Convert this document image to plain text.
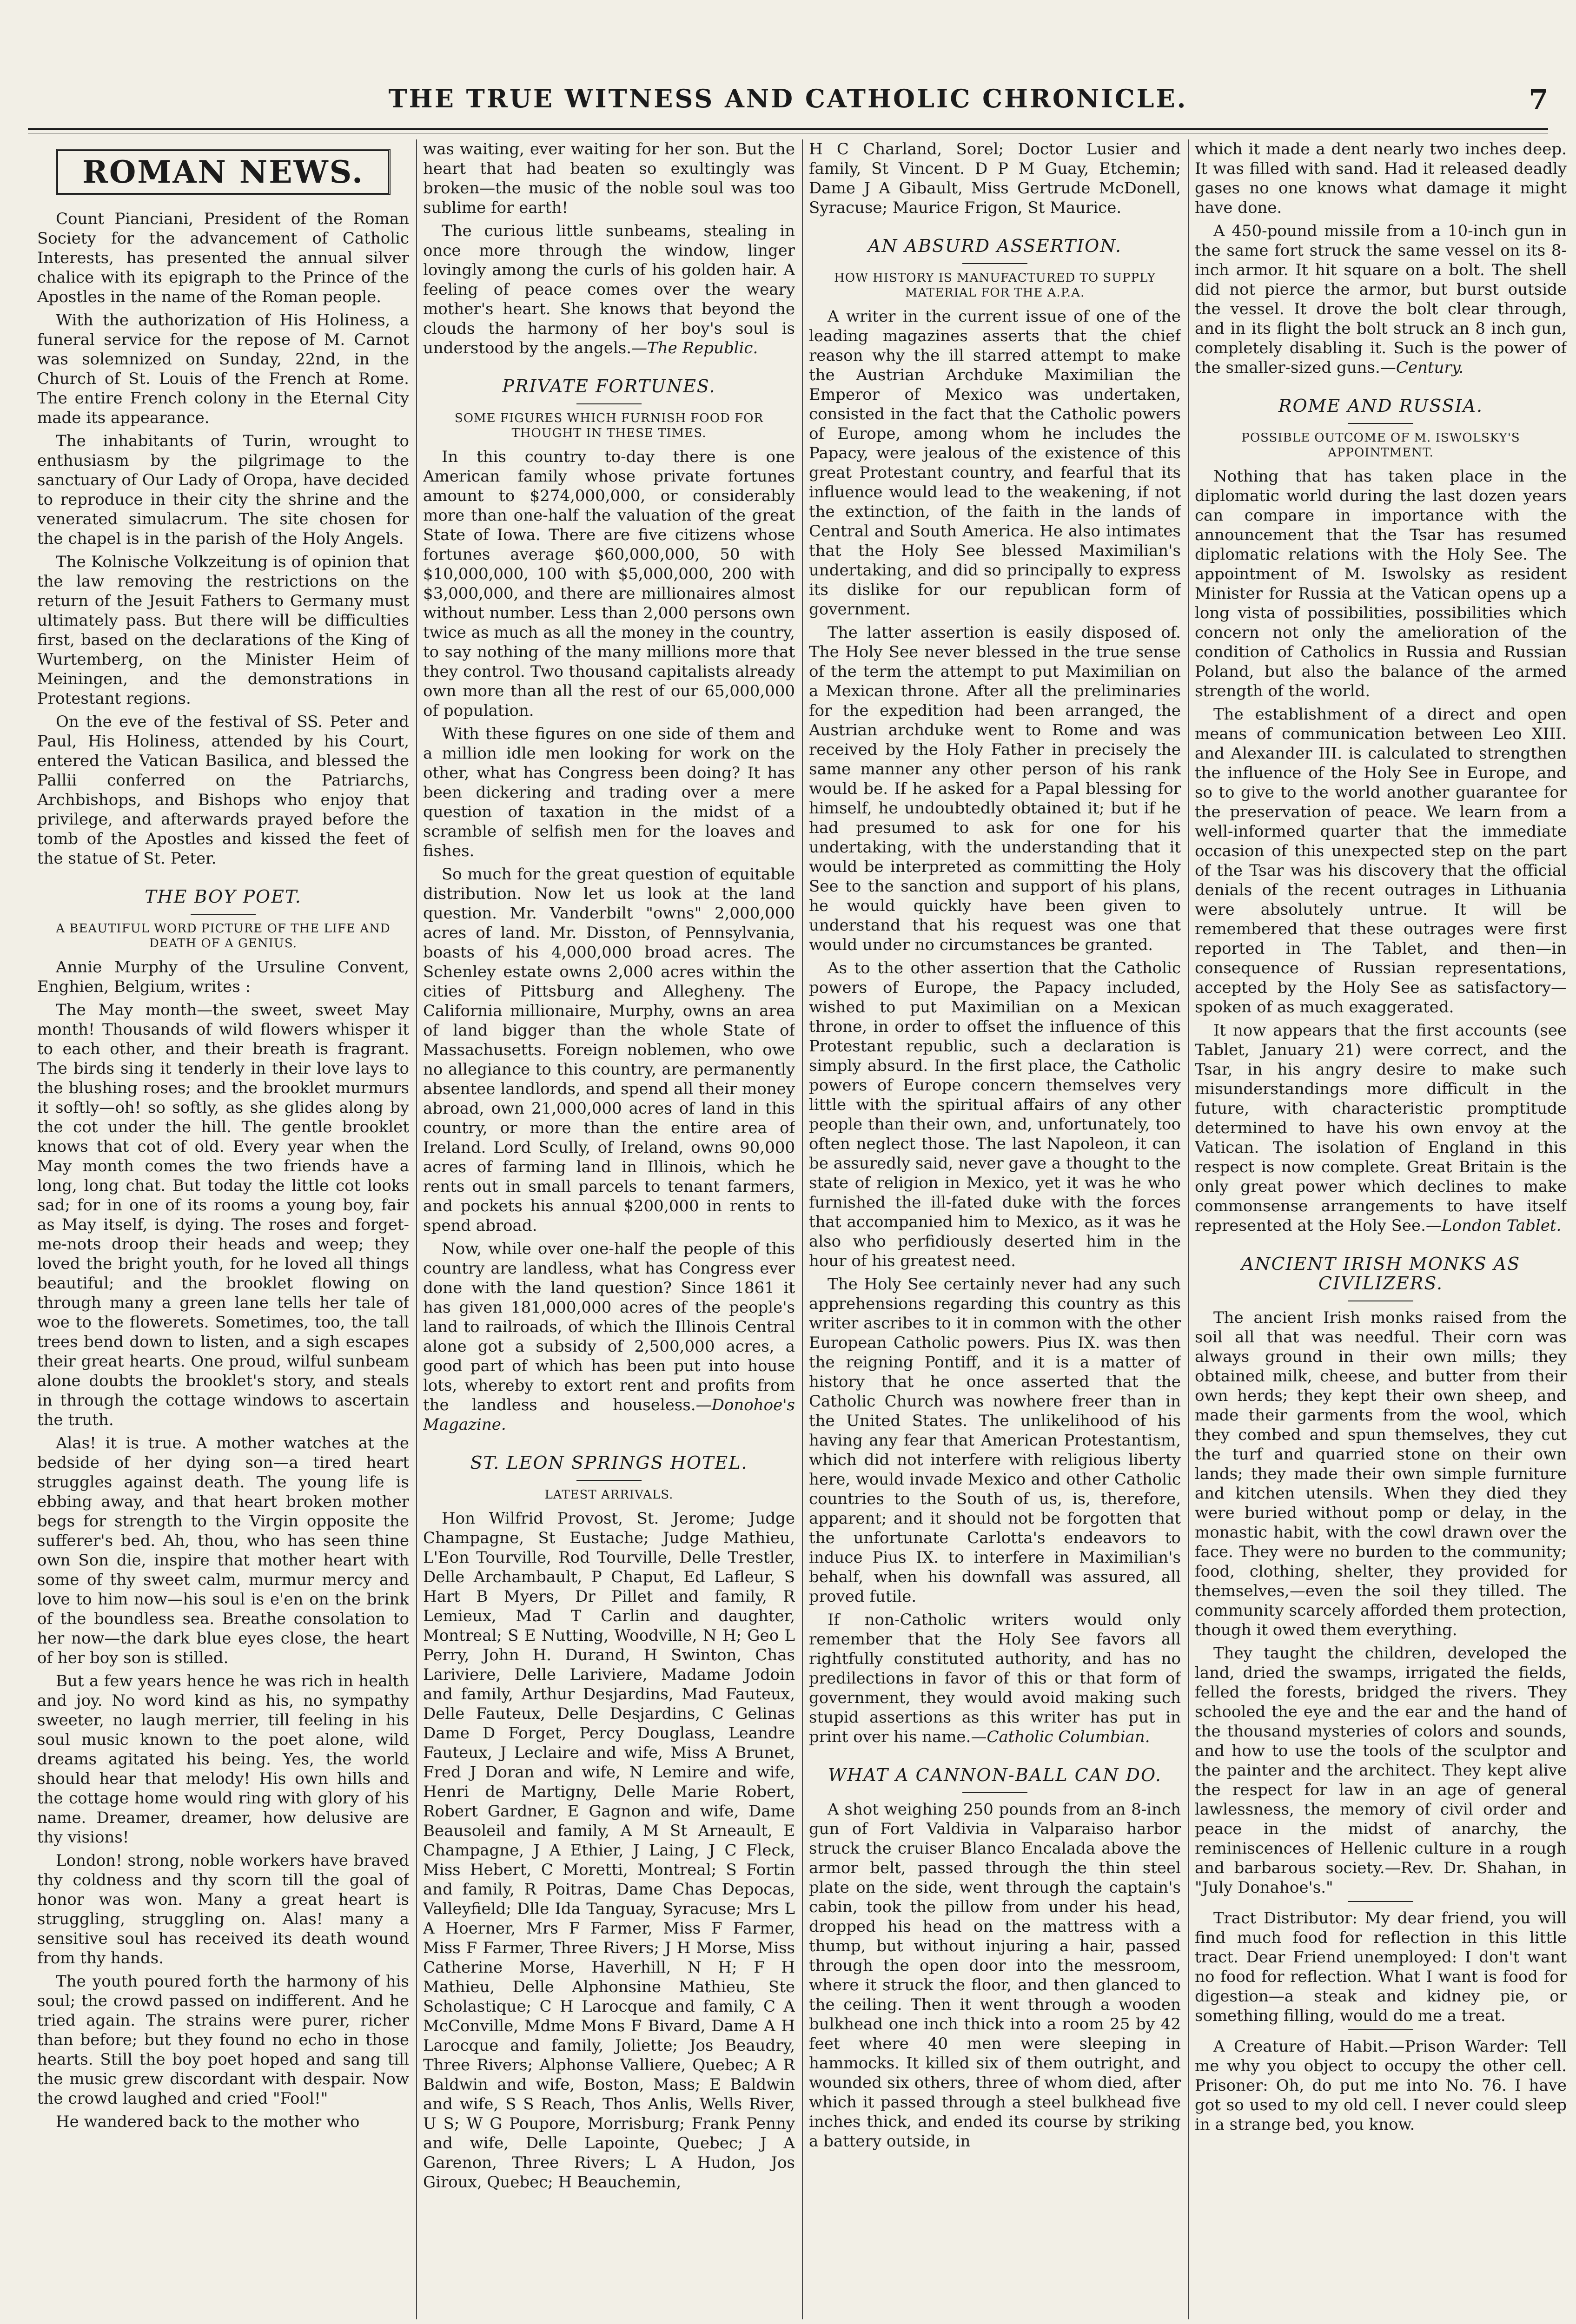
THE TRUE WITNESS AND CATHOLIC CHRONICLE.	7
ROMAN NEWS.

Count Pianciani, President of the Roman Society for the advancement of Catholic Interests, has presented the annual silver chalice with its epigraph to the Prince of the Apostles in the name of the Roman people.

With the authorization of His Holiness, a funeral service for the repose of M. Carnot was solemnized on Sunday, 22nd, in the Church of St. Louis of the French at Rome. The entire French colony in the Eternal City made its appearance.

The inhabitants of Turin, wrought to enthusiasm by the pilgrimage to the sanctuary of Our Lady of Oropa, have decided to reproduce in their city the shrine and the venerated simulacrum. The site chosen for the chapel is in the parish of the Holy Angels.

The Kolnische Volkzeitung is of opinion that the law removing the restrictions on the return of the Jesuit Fathers to Germany must ultimately pass. But there will be difficulties first, based on the declarations of the King of Wurtemberg, on the Minister Heim of Meiningen, and the demonstrations in Protestant regions.

On the eve of the festival of SS. Peter and Paul, His Holiness, attended by his Court, entered the Vatican Basilica, and blessed the Pallii conferred on the Patriarchs, Archbishops, and Bishops who enjoy that privilege, and afterwards prayed before the tomb of the Apostles and kissed the feet of the statue of St. Peter.

THE BOY POET.
A BEAUTIFUL WORD PICTURE OF THE LIFE AND DEATH OF A GENIUS.

Annie Murphy of the Ursuline Convent, Enghien, Belgium, writes :

The May month—the sweet, sweet May month! Thousands of wild flowers whisper it to each other, and their breath is fragrant. The birds sing it tenderly in their love lays to the blushing roses; and the brooklet murmurs it softly—oh! so softly, as she glides along by the cot under the hill. The gentle brooklet knows that cot of old. Every year when the May month comes the two friends have a long, long chat. But today the little cot looks sad; for in one of its rooms a young boy, fair as May itself, is dying. The roses and forget-me-nots droop their heads and weep; they loved the bright youth, for he loved all things beautiful; and the brooklet flowing on through many a green lane tells her tale of woe to the flowerets. Sometimes, too, the tall trees bend down to listen, and a sigh escapes their great hearts. One proud, wilful sunbeam alone doubts the brooklet's story, and steals in through the cottage windows to ascertain the truth.

Alas! it is true. A mother watches at the bedside of her dying son—a tired heart struggles against death. The young life is ebbing away, and that heart broken mother begs for strength to the Virgin opposite the sufferer's bed. Ah, thou, who has seen thine own Son die, inspire that mother heart with some of thy sweet calm, murmur mercy and love to him now—his soul is e'en on the brink of the boundless sea. Breathe consolation to her now—the dark blue eyes close, the heart of her boy son is stilled.

But a few years hence he was rich in health and joy. No word kind as his, no sympathy sweeter, no laugh merrier, till feeling in his soul music known to the poet alone, wild dreams agitated his being. Yes, the world should hear that melody! His own hills and the cottage home would ring with glory of his name. Dreamer, dreamer, how delusive are thy visions!

London! strong, noble workers have braved thy coldness and thy scorn till the goal of honor was won. Many a great heart is struggling, struggling on. Alas! many a sensitive soul has received its death wound from thy hands.

The youth poured forth the harmony of his soul; the crowd passed on indifferent. And he tried again. The strains were purer, richer than before; but they found no echo in those hearts. Still the boy poet hoped and sang till the music grew discordant with despair. Now the crowd laughed and cried "Fool!"

He wandered back to the mother who

was waiting, ever waiting for her son. But the heart that had beaten so exultingly was broken—the music of the noble soul was too sublime for earth!

The curious little sunbeams, stealing in once more through the window, linger lovingly among the curls of his golden hair. A feeling of peace comes over the weary mother's heart. She knows that beyond the clouds the harmony of her boy's soul is understood by the angels.—The Republic.

PRIVATE FORTUNES.
SOME FIGURES WHICH FURNISH FOOD FOR THOUGHT IN THESE TIMES.

In this country to-day there is one American family whose private fortunes amount to $274,000,000, or considerably more than one-half the valuation of the great State of Iowa. There are five citizens whose fortunes average $60,000,000, 50 with $10,000,000, 100 with $5,000,000, 200 with $3,000,000, and there are millionaires almost without number. Less than 2,000 persons own twice as much as all the money in the country, to say nothing of the many millions more that they control. Two thousand capitalists already own more than all the rest of our 65,000,000 of population.

With these figures on one side of them and a million idle men looking for work on the other, what has Congress been doing? It has been dickering and trading over a mere question of taxation in the midst of a scramble of selfish men for the loaves and fishes.

So much for the great question of equitable distribution. Now let us look at the land question. Mr. Vanderbilt "owns" 2,000,000 acres of land. Mr. Disston, of Pennsylvania, boasts of his 4,000,000 broad acres. The Schenley estate owns 2,000 acres within the cities of Pittsburg and Allegheny. The California millionaire, Murphy, owns an area of land bigger than the whole State of Massachusetts. Foreign noblemen, who owe no allegiance to this country, are permanently absentee landlords, and spend all their money abroad, own 21,000,000 acres of land in this country, or more than the entire area of Ireland. Lord Scully, of Ireland, owns 90,000 acres of farming land in Illinois, which he rents out in small parcels to tenant farmers, and pockets his annual $200,000 in rents to spend abroad.

Now, while over one-half the people of this country are landless, what has Congress ever done with the land question? Since 1861 it has given 181,000,000 acres of the people's land to railroads, of which the Illinois Central alone got a subsidy of 2,500,000 acres, a good part of which has been put into house lots, whereby to extort rent and profits from the landless and houseless.—Donohoe's Magazine.

ST. LEON SPRINGS HOTEL.
LATEST ARRIVALS.

Hon Wilfrid Provost, St. Jerome; Judge Champagne, St Eustache; Judge Mathieu, L'Eon Tourville, Rod Tourville, Delle Trestler, Delle Archambault, P Chaput, Ed Lafleur, S Hart B Myers, Dr Pillet and family, R Lemieux, Mad T Carlin and daughter, Montreal; S E Nutting, Woodville, N H; Geo L Perry, John H. Durand, H Swinton, Chas Lariviere, Delle Lariviere, Madame Jodoin and family, Arthur Desjardins, Mad Fauteux, Delle Fauteux, Delle Desjardins, C Gelinas Dame D Forget, Percy Douglass, Leandre Fauteux, J Leclaire and wife, Miss A Brunet, Fred J Doran and wife, N Lemire and wife, Henri de Martigny, Delle Marie Robert, Robert Gardner, E Gagnon and wife, Dame Beausoleil and family, A M St Arneault, E Champagne, J A Ethier, J Laing, J C Fleck, Miss Hebert, C Moretti, Montreal; S Fortin and family, R Poitras, Dame Chas Depocas, Valleyfield; Dlle Ida Tanguay, Syracuse; Mrs L A Hoerner, Mrs F Farmer, Miss F Farmer, Miss F Farmer, Three Rivers; J H Morse, Miss Catherine Morse, Haverhill, N H; F H Mathieu, Delle Alphonsine Mathieu, Ste Scholastique; C H Larocque and family, C A McConville, Mdme Mons F Bivard, Dame A H Larocque and family, Joliette; Jos Beaudry, Three Rivers; Alphonse Valliere, Quebec; A R Baldwin and wife, Boston, Mass; E Baldwin and wife, S S Reach, Thos Anlis, Wells River, U S; W G Poupore, Morrisburg; Frank Penny and wife, Delle Lapointe, Quebec; J A Garenon, Three Rivers; L A Hudon, Jos Giroux, Quebec; H Beauchemin,

H C Charland, Sorel; Doctor Lusier and family, St Vincent. D P M Guay, Etchemin; Dame J A Gibault, Miss Gertrude McDonell, Syracuse; Maurice Frigon, St Maurice.

AN ABSURD ASSERTION.
HOW HISTORY IS MANUFACTURED TO SUPPLY MATERIAL FOR THE A.P.A.

A writer in the current issue of one of the leading magazines asserts that the chief reason why the ill starred attempt to make the Austrian Archduke Maximilian the Emperor of Mexico was undertaken, consisted in the fact that the Catholic powers of Europe, among whom he includes the Papacy, were jealous of the existence of this great Protestant country, and fearful that its influence would lead to the weakening, if not the extinction, of the faith in the lands of Central and South America. He also intimates that the Holy See blessed Maximilian's undertaking, and did so principally to express its dislike for our republican form of government.

The latter assertion is easily disposed of. The Holy See never blessed in the true sense of the term the attempt to put Maximilian on a Mexican throne. After all the preliminaries for the expedition had been arranged, the Austrian archduke went to Rome and was received by the Holy Father in precisely the same manner any other person of his rank would be. If he asked for a Papal blessing for himself, he undoubtedly obtained it; but if he had presumed to ask for one for his undertaking, with the understanding that it would be interpreted as committing the Holy See to the sanction and support of his plans, he would quickly have been given to understand that his request was one that would under no circumstances be granted.

As to the other assertion that the Catholic powers of Europe, the Papacy included, wished to put Maximilian on a Mexican throne, in order to offset the influence of this Protestant republic, such a declaration is simply absurd. In the first place, the Catholic powers of Europe concern themselves very little with the spiritual affairs of any other people than their own, and, unfortunately, too often neglect those. The last Napoleon, it can be assuredly said, never gave a thought to the state of religion in Mexico, yet it was he who furnished the ill-fated duke with the forces that accompanied him to Mexico, as it was he also who perfidiously deserted him in the hour of his greatest need.

The Holy See certainly never had any such apprehensions regarding this country as this writer ascribes to it in common with the other European Catholic powers. Pius IX. was then the reigning Pontiff, and it is a matter of history that he once asserted that the Catholic Church was nowhere freer than in the United States. The unlikelihood of his having any fear that American Protestantism, which did not interfere with religious liberty here, would invade Mexico and other Catholic countries to the South of us, is, therefore, apparent; and it should not be forgotten that the unfortunate Carlotta's endeavors to induce Pius IX. to interfere in Maximilian's behalf, when his downfall was assured, all proved futile.

If non-Catholic writers would only remember that the Holy See favors all rightfully constituted authority, and has no predilections in favor of this or that form of government, they would avoid making such stupid assertions as this writer has put in print over his name.—Catholic Columbian.

WHAT A CANNON-BALL CAN DO.

A shot weighing 250 pounds from an 8-inch gun of Fort Valdivia in Valparaiso harbor struck the cruiser Blanco Encalada above the armor belt, passed through the thin steel plate on the side, went through the captain's cabin, took the pillow from under his head, dropped his head on the mattress with a thump, but without injuring a hair, passed through the open door into the messroom, where it struck the floor, and then glanced to the ceiling. Then it went through a wooden bulkhead one inch thick into a room 25 by 42 feet where 40 men were sleeping in hammocks. It killed six of them outright, and wounded six others, three of whom died, after which it passed through a steel bulkhead five inches thick, and ended its course by striking a battery outside, in

which it made a dent nearly two inches deep. It was filled with sand. Had it released deadly gases no one knows what damage it might have done.

A 450-pound missile from a 10-inch gun in the same fort struck the same vessel on its 8-inch armor. It hit square on a bolt. The shell did not pierce the armor, but burst outside the vessel. It drove the bolt clear through, and in its flight the bolt struck an 8 inch gun, completely disabling it. Such is the power of the smaller-sized guns.—Century.

ROME AND RUSSIA.
POSSIBLE OUTCOME OF M. ISWOLSKY'S APPOINTMENT.

Nothing that has taken place in the diplomatic world during the last dozen years can compare in importance with the announcement that the Tsar has resumed diplomatic relations with the Holy See. The appointment of M. Iswolsky as resident Minister for Russia at the Vatican opens up a long vista of possibilities, possibilities which concern not only the amelioration of the condition of Catholics in Russia and Russian Poland, but also the balance of the armed strength of the world.

The establishment of a direct and open means of communication between Leo XIII. and Alexander III. is calculated to strengthen the influence of the Holy See in Europe, and so to give to the world another guarantee for the preservation of peace. We learn from a well-informed quarter that the immediate occasion of this unexpected step on the part of the Tsar was his discovery that the official denials of the recent outrages in Lithuania were absolutely untrue. It will be remembered that these outrages were first reported in The Tablet, and then—in consequence of Russian representations, accepted by the Holy See as satisfactory—spoken of as much exaggerated.

It now appears that the first accounts (see Tablet, January 21) were correct, and the Tsar, in his angry desire to make such misunderstandings more difficult in the future, with characteristic promptitude determined to have his own envoy at the Vatican. The isolation of England in this respect is now complete. Great Britain is the only great power which declines to make commonsense arrangements to have itself represented at the Holy See.—London Tablet.

ANCIENT IRISH MONKS AS CIVILIZERS.

The ancient Irish monks raised from the soil all that was needful. Their corn was always ground in their own mills; they obtained milk, cheese, and butter from their own herds; they kept their own sheep, and made their garments from the wool, which they combed and spun themselves, they cut the turf and quarried stone on their own lands; they made their own simple furniture and kitchen utensils. When they died they were buried without pomp or delay, in the monastic habit, with the cowl drawn over the face. They were no burden to the community; food, clothing, shelter, they provided for themselves,—even the soil they tilled. The community scarcely afforded them protection, though it owed them everything.

They taught the children, developed the land, dried the swamps, irrigated the fields, felled the forests, bridged the rivers. They schooled the eye and the ear and the hand of the thousand mysteries of colors and sounds, and how to use the tools of the sculptor and the painter and the architect. They kept alive the respect for law in an age of general lawlessness, the memory of civil order and peace in the midst of anarchy, the reminiscences of Hellenic culture in a rough and barbarous society.—Rev. Dr. Shahan, in "July Donahoe's."

Tract Distributor: My dear friend, you will find much food for reflection in this little tract. Dear Friend unemployed: I don't want no food for reflection. What I want is food for digestion—a steak and kidney pie, or something filling, would do me a treat.

A Creature of Habit.—Prison Warder: Tell me why you object to occupy the other cell. Prisoner: Oh, do put me into No. 76. I have got so used to my old cell. I never could sleep in a strange bed, you know.
